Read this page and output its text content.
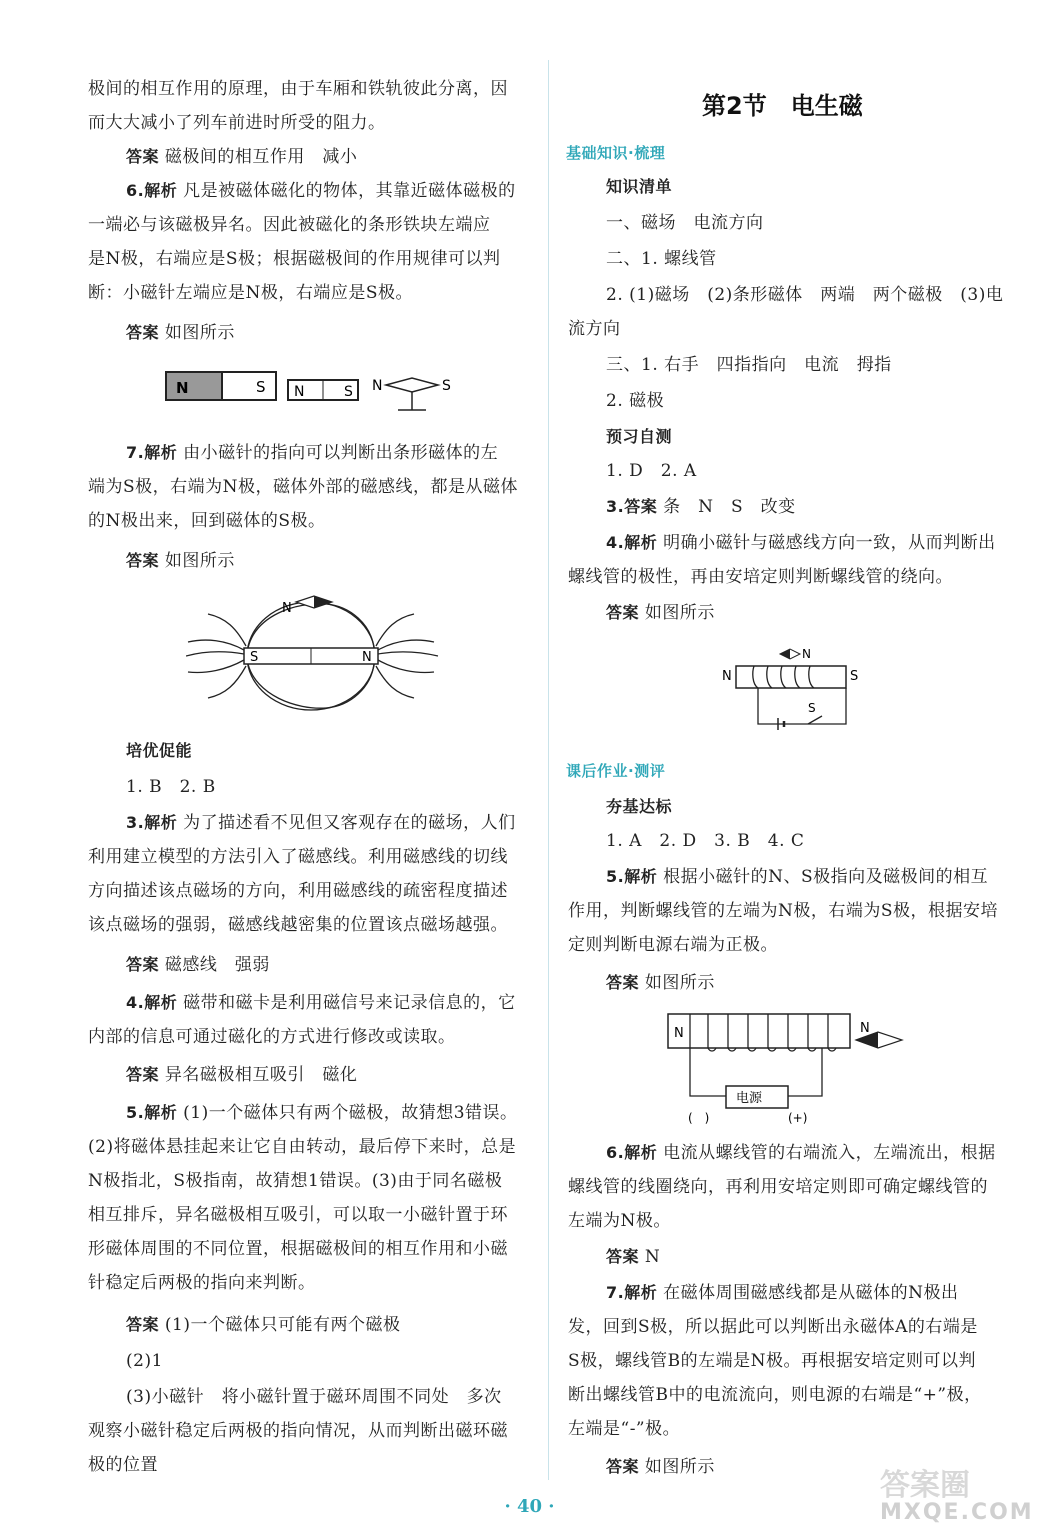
极间的相互作用的原理，由于车厢和铁轨彼此分离，因
而大大减小了列车前进时所受的阻力。
答案 磁极间的相互作用　减小
6.解析 凡是被磁体磁化的物体，其靠近磁体磁极的
一端必与该磁极异名。因此被磁化的条形铁块左端应
是N极，右端应是S极；根据磁极间的作用规律可以判
断：小磁针左端应是N极，右端应是S极。
答案 如图所示
N	S N	S N	S
7.解析 由小磁针的指向可以判断出条形磁体的左
端为S极，右端为N极，磁体外部的磁感线，都是从磁体
的N极出来，回到磁体的S极。
答案 如图所示
S	N
N
培优促能
1. B　2. B
3.解析 为了描述看不见但又客观存在的磁场，人们
利用建立模型的方法引入了磁感线。利用磁感线的切线
方向描述该点磁场的方向，利用磁感线的疏密程度描述
该点磁场的强弱，磁感线越密集的位置该点磁场越强。
答案 磁感线　强弱
4.解析 磁带和磁卡是利用磁信号来记录信息的，它
内部的信息可通过磁化的方式进行修改或读取。
答案 异名磁极相互吸引　磁化
5.解析 (1)一个磁体只有两个磁极，故猜想3错误。
(2)将磁体悬挂起来让它自由转动，最后停下来时，总是
N极指北，S极指南，故猜想1错误。(3)由于同名磁极
相互排斥，异名磁极相互吸引，可以取一小磁针置于环
形磁体周围的不同位置，根据磁极间的相互作用和小磁
针稳定后两极的指向来判断。
答案 (1)一个磁体只可能有两个磁极
(2)1
(3)小磁针　将小磁针置于磁环周围不同处　多次
观察小磁针稳定后两极的指向情况，从而判断出磁环磁
极的位置
第2节　电生磁
基础知识·梳理
知识清单
一、磁场　电流方向
二、1. 螺线管
2. (1)磁场　(2)条形磁体　两端　两个磁极　(3)电
流方向
三、1. 右手　四指指向　电流　拇指
2. 磁极
预习自测
1. D　2. A
3.答案 条　N　S　改变
4.解析 明确小磁针与磁感线方向一致，从而判断出
螺线管的极性，再由安培定则判断螺线管的绕向。
答案 如图所示
N	S
N
S
课后作业·测评
夯基达标
1. A　2. D　3. B　4. C
5.解析 根据小磁针的N、S极指向及磁极间的相互
作用，判断螺线管的左端为N极，右端为S极，根据安培
定则判断电源右端为正极。
答案 如图所示
N
电源
(　)	(+)
N
6.解析 电流从螺线管的右端流入，左端流出，根据
螺线管的线圈绕向，再利用安培定则即可确定螺线管的
左端为N极。
答案 N
7.解析 在磁体周围磁感线都是从磁体的N极出
发，回到S极，所以据此可以判断出永磁体A的右端是
S极，螺线管B的左端是N极。再根据安培定则可以判
断出螺线管B中的电流流向，则电源的右端是“+”极，
左端是“-”极。
答案 如图所示
答案圈
MXQE.COM
· 40 ·
